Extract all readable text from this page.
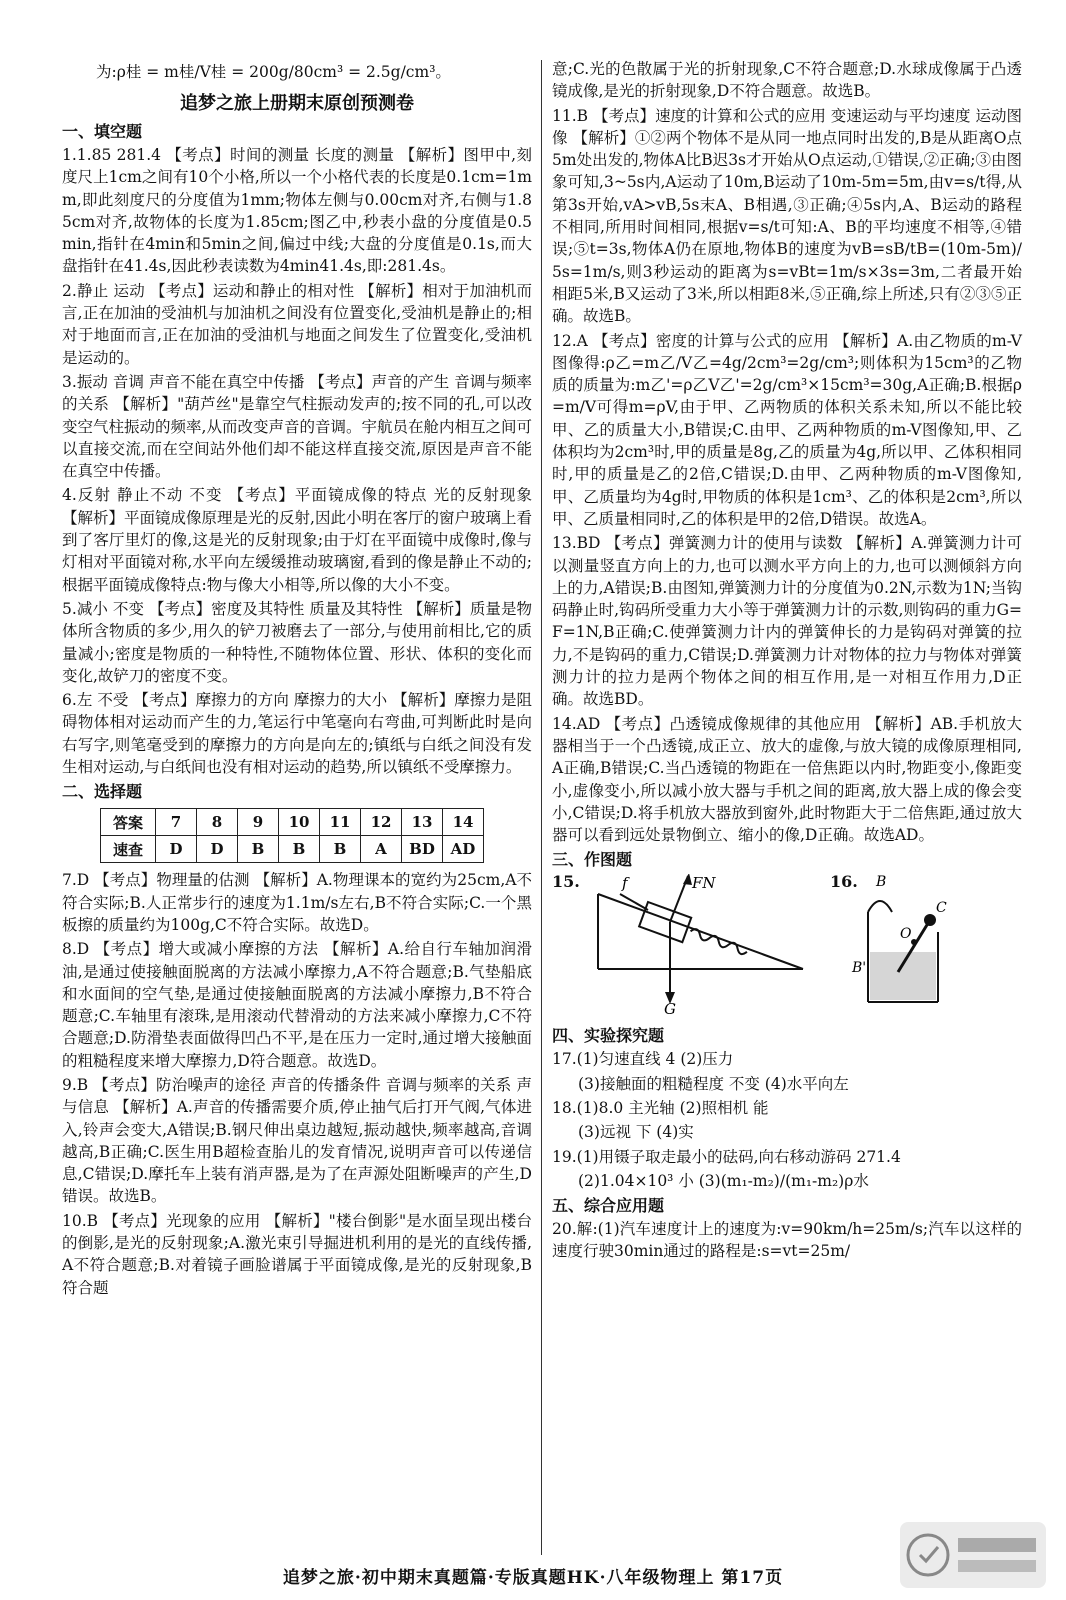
为:ρ桂 = m桂/V桂 = 200g/80cm³ = 2.5g/cm³。
追梦之旅上册期末原创预测卷
一、填空题

1.1.85 281.4 【考点】时间的测量 长度的测量 【解析】图甲中,刻度尺上1cm之间有10个小格,所以一个小格代表的长度是0.1cm=1mm,即此刻度尺的分度值为1mm;物体左侧与0.00cm对齐,右侧与1.85cm对齐,故物体的长度为1.85cm;图乙中,秒表小盘的分度值是0.5min,指针在4min和5min之间,偏过中线;大盘的分度值是0.1s,而大盘指针在41.4s,因此秒表读数为4min41.4s,即:281.4s。

2.静止 运动 【考点】运动和静止的相对性 【解析】相对于加油机而言,正在加油的受油机与加油机之间没有位置变化,受油机是静止的;相对于地面而言,正在加油的受油机与地面之间发生了位置变化,受油机是运动的。

3.振动 音调 声音不能在真空中传播 【考点】声音的产生 音调与频率的关系 【解析】"葫芦丝"是靠空气柱振动发声的;按不同的孔,可以改变空气柱振动的频率,从而改变声音的音调。宇航员在舱内相互之间可以直接交流,而在空间站外他们却不能这样直接交流,原因是声音不能在真空中传播。

4.反射 静止不动 不变 【考点】平面镜成像的特点 光的反射现象 【解析】平面镜成像原理是光的反射,因此小明在客厅的窗户玻璃上看到了客厅里灯的像,这是光的反射现象;由于灯在平面镜中成像时,像与灯相对平面镜对称,水平向左缓缓推动玻璃窗,看到的像是静止不动的;根据平面镜成像特点:物与像大小相等,所以像的大小不变。

5.减小 不变 【考点】密度及其特性 质量及其特性 【解析】质量是物体所含物质的多少,用久的铲刀被磨去了一部分,与使用前相比,它的质量减小;密度是物质的一种特性,不随物体位置、形状、体积的变化而变化,故铲刀的密度不变。

6.左 不受 【考点】摩擦力的方向 摩擦力的大小 【解析】摩擦力是阻碍物体相对运动而产生的力,笔运行中笔毫向右弯曲,可判断此时是向右写字,则笔毫受到的摩擦力的方向是向左的;镇纸与白纸之间没有发生相对运动,与白纸间也没有相对运动的趋势,所以镇纸不受摩擦力。

二、选择题
答案	7	8	9	10	11	12	13	14
速查	D	D	B	B	B	A	BD	AD

7.D 【考点】物理量的估测 【解析】A.物理课本的宽约为25cm,A不符合实际;B.人正常步行的速度为1.1m/s左右,B不符合实际;C.一个黑板擦的质量约为100g,C不符合实际。故选D。

8.D 【考点】增大或减小摩擦的方法 【解析】A.给自行车轴加润滑油,是通过使接触面脱离的方法减小摩擦力,A不符合题意;B.气垫船底和水面间的空气垫,是通过使接触面脱离的方法减小摩擦力,B不符合题意;C.车轴里有滚珠,是用滚动代替滑动的方法来减小摩擦力,C不符合题意;D.防滑垫表面做得凹凸不平,是在压力一定时,通过增大接触面的粗糙程度来增大摩擦力,D符合题意。故选D。

9.B 【考点】防治噪声的途径 声音的传播条件 音调与频率的关系 声与信息 【解析】A.声音的传播需要介质,停止抽气后打开气阀,气体进入,铃声会变大,A错误;B.钢尺伸出桌边越短,振动越快,频率越高,音调越高,B正确;C.医生用B超检查胎儿的发育情况,说明声音可以传递信息,C错误;D.摩托车上装有消声器,是为了在声源处阻断噪声的产生,D错误。故选B。

10.B 【考点】光现象的应用 【解析】"楼台倒影"是水面呈现出楼台的倒影,是光的反射现象;A.激光束引导掘进机利用的是光的直线传播,A不符合题意;B.对着镜子画脸谱属于平面镜成像,是光的反射现象,B符合题

意;C.光的色散属于光的折射现象,C不符合题意;D.水球成像属于凸透镜成像,是光的折射现象,D不符合题意。故选B。

11.B 【考点】速度的计算和公式的应用 变速运动与平均速度 运动图像 【解析】①②两个物体不是从同一地点同时出发的,B是从距离O点5m处出发的,物体A比B迟3s才开始从O点运动,①错误,②正确;③由图象可知,3~5s内,A运动了10m,B运动了10m-5m=5m,由v=s/t得,从第3s开始,vA>vB,5s末A、B相遇,③正确;④5s内,A、B运动的路程不相同,所用时间相同,根据v=s/t可知:A、B的平均速度不相等,④错误;⑤t=3s,物体A仍在原地,物体B的速度为vB=sB/tB=(10m-5m)/5s=1m/s,则3秒运动的距离为s=vBt=1m/s×3s=3m,二者最开始相距5米,B又运动了3米,所以相距8米,⑤正确,综上所述,只有②③⑤正确。故选B。

12.A 【考点】密度的计算与公式的应用 【解析】A.由乙物质的m-V图像得:ρ乙=m乙/V乙=4g/2cm³=2g/cm³;则体积为15cm³的乙物质的质量为:m乙'=ρ乙V乙'=2g/cm³×15cm³=30g,A正确;B.根据ρ=m/V可得m=ρV,由于甲、乙两物质的体积关系未知,所以不能比较甲、乙的质量大小,B错误;C.由甲、乙两种物质的m-V图像知,甲、乙体积均为2cm³时,甲的质量是8g,乙的质量为4g,所以甲、乙体积相同时,甲的质量是乙的2倍,C错误;D.由甲、乙两种物质的m-V图像知,甲、乙质量均为4g时,甲物质的体积是1cm³、乙的体积是2cm³,所以甲、乙质量相同时,乙的体积是甲的2倍,D错误。故选A。

13.BD 【考点】弹簧测力计的使用与读数 【解析】A.弹簧测力计可以测量竖直方向上的力,也可以测水平方向上的力,也可以测倾斜方向上的力,A错误;B.由图知,弹簧测力计的分度值为0.2N,示数为1N;当钩码静止时,钩码所受重力大小等于弹簧测力计的示数,则钩码的重力G=F=1N,B正确;C.使弹簧测力计内的弹簧伸长的力是钩码对弹簧的拉力,不是钩码的重力,C错误;D.弹簧测力计对物体的拉力与物体对弹簧测力计的拉力是两个物体之间的相互作用,是一对相互作用力,D正确。故选BD。

14.AD 【考点】凸透镜成像规律的其他应用 【解析】AB.手机放大器相当于一个凸透镜,成正立、放大的虚像,与放大镜的成像原理相同,A正确,B错误;C.当凸透镜的物距在一倍焦距以内时,物距变小,像距变小,虚像变小,所以减小放大器与手机之间的距离,放大器上成的像会变小,C错误;D.将手机放大器放到窗外,此时物距大于二倍焦距,通过放大器可以看到远处景物倒立、缩小的像,D正确。故选AD。

三、作图题
15.	f	FN
G
16. B
C
O
B'
四、实验探究题

17.(1)匀速直线 4 (2)压力

(3)接触面的粗糙程度 不变 (4)水平向左

18.(1)8.0 主光轴 (2)照相机 能

(3)远视 下 (4)实

19.(1)用镊子取走最小的砝码,向右移动游码 271.4

(2)1.04×10³ 小 (3)(m₁-m₂)/(m₁-m₂)ρ水

五、综合应用题

20.解:(1)汽车速度计上的速度为:v=90km/h=25m/s;汽车以这样的速度行驶30min通过的路程是:s=vt=25m/

追梦之旅·初中期末真题篇·专版真题HK·八年级物理上 第17页
